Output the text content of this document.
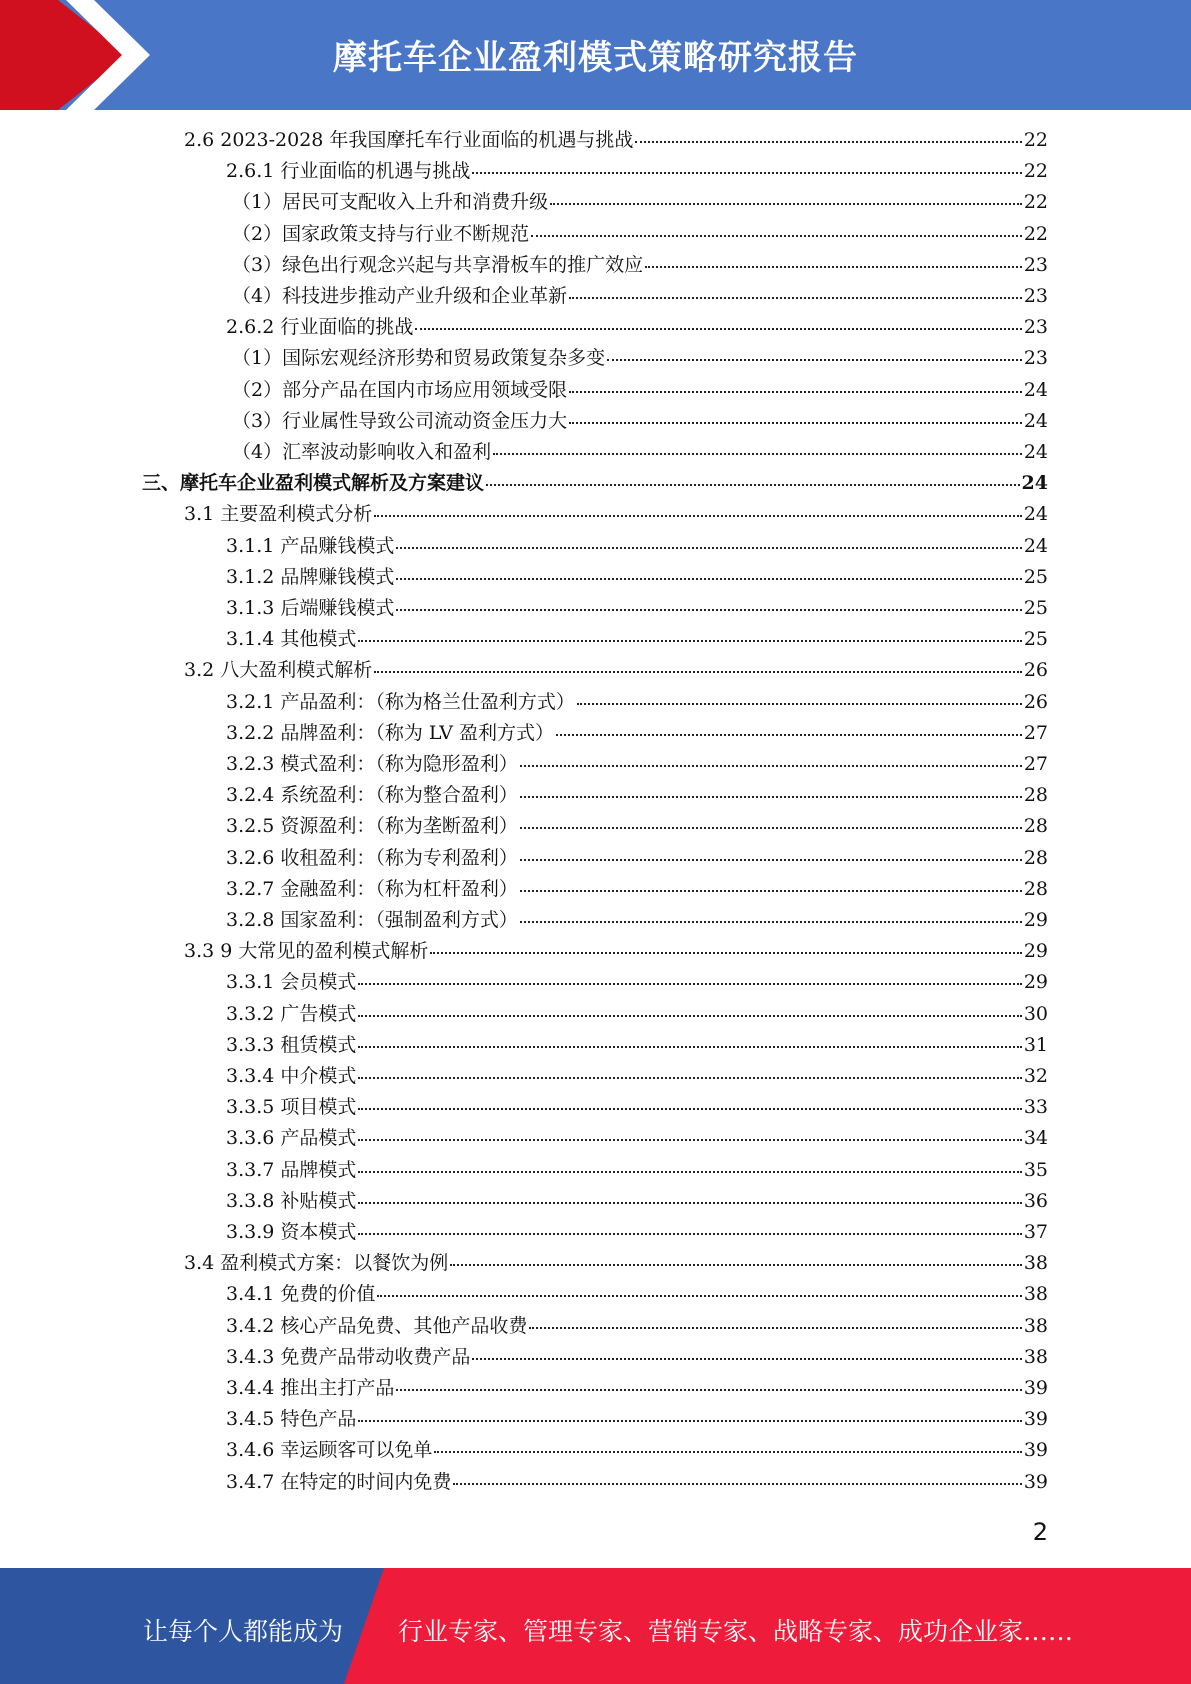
摩托车企业盈利模式策略研究报告
2.6 2023-2028 年我国摩托车行业面临的机遇与挑战	22
2.6.1 行业面临的机遇与挑战	22
（1）居民可支配收入上升和消费升级	22
（2）国家政策支持与行业不断规范	22
（3）绿色出行观念兴起与共享滑板车的推广效应	23
（4）科技进步推动产业升级和企业革新	23
2.6.2 行业面临的挑战	23
（1）国际宏观经济形势和贸易政策复杂多变	23
（2）部分产品在国内市场应用领域受限	24
（3）行业属性导致公司流动资金压力大	24
（4）汇率波动影响收入和盈利	24
三、摩托车企业盈利模式解析及方案建议	24
3.1 主要盈利模式分析	24
3.1.1 产品赚钱模式	24
3.1.2 品牌赚钱模式	25
3.1.3 后端赚钱模式	25
3.1.4 其他模式	25
3.2 八大盈利模式解析	26
3.2.1 产品盈利：（称为格兰仕盈利方式）	26
3.2.2 品牌盈利：（称为 LV 盈利方式）	27
3.2.3 模式盈利：（称为隐形盈利）	27
3.2.4 系统盈利：（称为整合盈利）	28
3.2.5 资源盈利：（称为垄断盈利）	28
3.2.6 收租盈利：（称为专利盈利）	28
3.2.7 金融盈利：（称为杠杆盈利）	28
3.2.8 国家盈利：（强制盈利方式）	29
3.3 9 大常见的盈利模式解析	29
3.3.1 会员模式	29
3.3.2 广告模式	30
3.3.3 租赁模式	31
3.3.4 中介模式	32
3.3.5 项目模式	33
3.3.6 产品模式	34
3.3.7 品牌模式	35
3.3.8 补贴模式	36
3.3.9 资本模式	37
3.4 盈利模式方案：以餐饮为例	38
3.4.1 免费的价值	38
3.4.2 核心产品免费、其他产品收费	38
3.4.3 免费产品带动收费产品	38
3.4.4 推出主打产品	39
3.4.5 特色产品	39
3.4.6 幸运顾客可以免单	39
3.4.7 在特定的时间内免费	39
2
让每个人都能成为 行业专家、管理专家、营销专家、战略专家、成功企业家……
